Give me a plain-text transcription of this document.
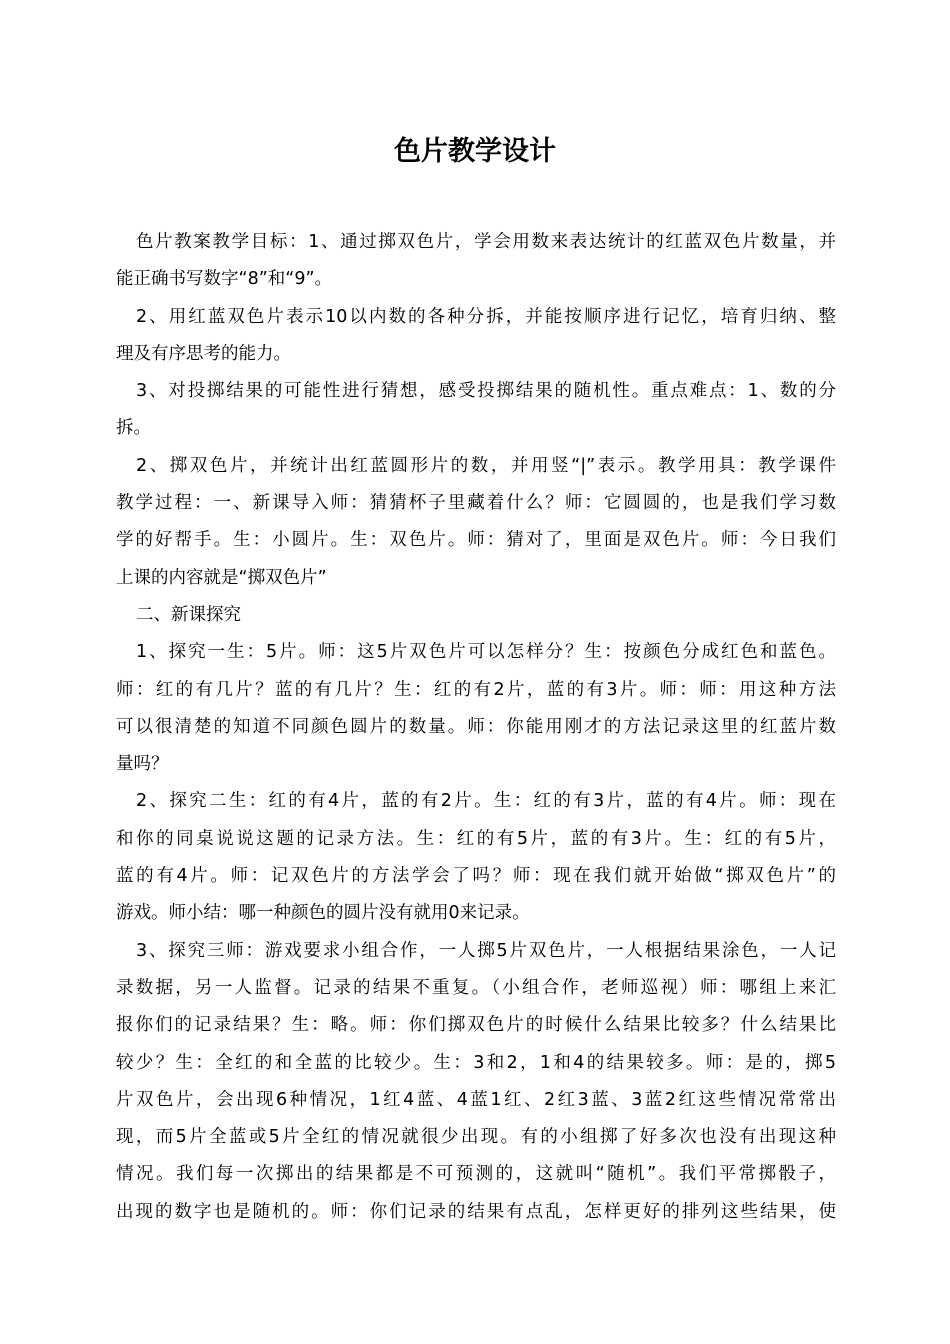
色片教学设计
色片教案教学目标：1、通过掷双色片，学会用数来表达统计的红蓝双色片数量，并
能正确书写数字“8”和“9”。
2、用红蓝双色片表示10以内数的各种分拆，并能按顺序进行记忆，培育归纳、整
理及有序思考的能力。
3、对投掷结果的可能性进行猜想，感受投掷结果的随机性。重点难点：1、数的分
拆。
2、掷双色片，并统计出红蓝圆形片的数，并用竖“|”表示。教学用具：教学课件
教学过程：一、新课导入师：猜猜杯子里藏着什么？师：它圆圆的，也是我们学习数
学的好帮手。生：小圆片。生：双色片。师：猜对了，里面是双色片。师：今日我们
上课的内容就是“掷双色片”
二、新课探究
1、探究一生：5片。师：这5片双色片可以怎样分？生：按颜色分成红色和蓝色。
师：红的有几片？蓝的有几片？生：红的有2片，蓝的有3片。师：师：用这种方法
可以很清楚的知道不同颜色圆片的数量。师：你能用刚才的方法记录这里的红蓝片数
量吗？
2、探究二生：红的有4片，蓝的有2片。生：红的有3片，蓝的有4片。师：现在
和你的同桌说说这题的记录方法。生：红的有5片，蓝的有3片。生：红的有5片，
蓝的有4片。师：记双色片的方法学会了吗？师：现在我们就开始做“掷双色片”的
游戏。师小结：哪一种颜色的圆片没有就用0来记录。
3、探究三师：游戏要求小组合作，一人掷5片双色片，一人根据结果涂色，一人记
录数据，另一人监督。记录的结果不重复。（小组合作，老师巡视）师：哪组上来汇
报你们的记录结果？生：略。师：你们掷双色片的时候什么结果比较多？什么结果比
较少？生：全红的和全蓝的比较少。生：3和2，1和4的结果较多。师：是的，掷5
片双色片，会出现6种情况，1红4蓝、4蓝1红、2红3蓝、3蓝2红这些情况常常出
现，而5片全蓝或5片全红的情况就很少出现。有的小组掷了好多次也没有出现这种
情况。我们每一次掷出的结果都是不可预测的，这就叫“随机”。我们平常掷骰子，
出现的数字也是随机的。师：你们记录的结果有点乱，怎样更好的排列这些结果，使
